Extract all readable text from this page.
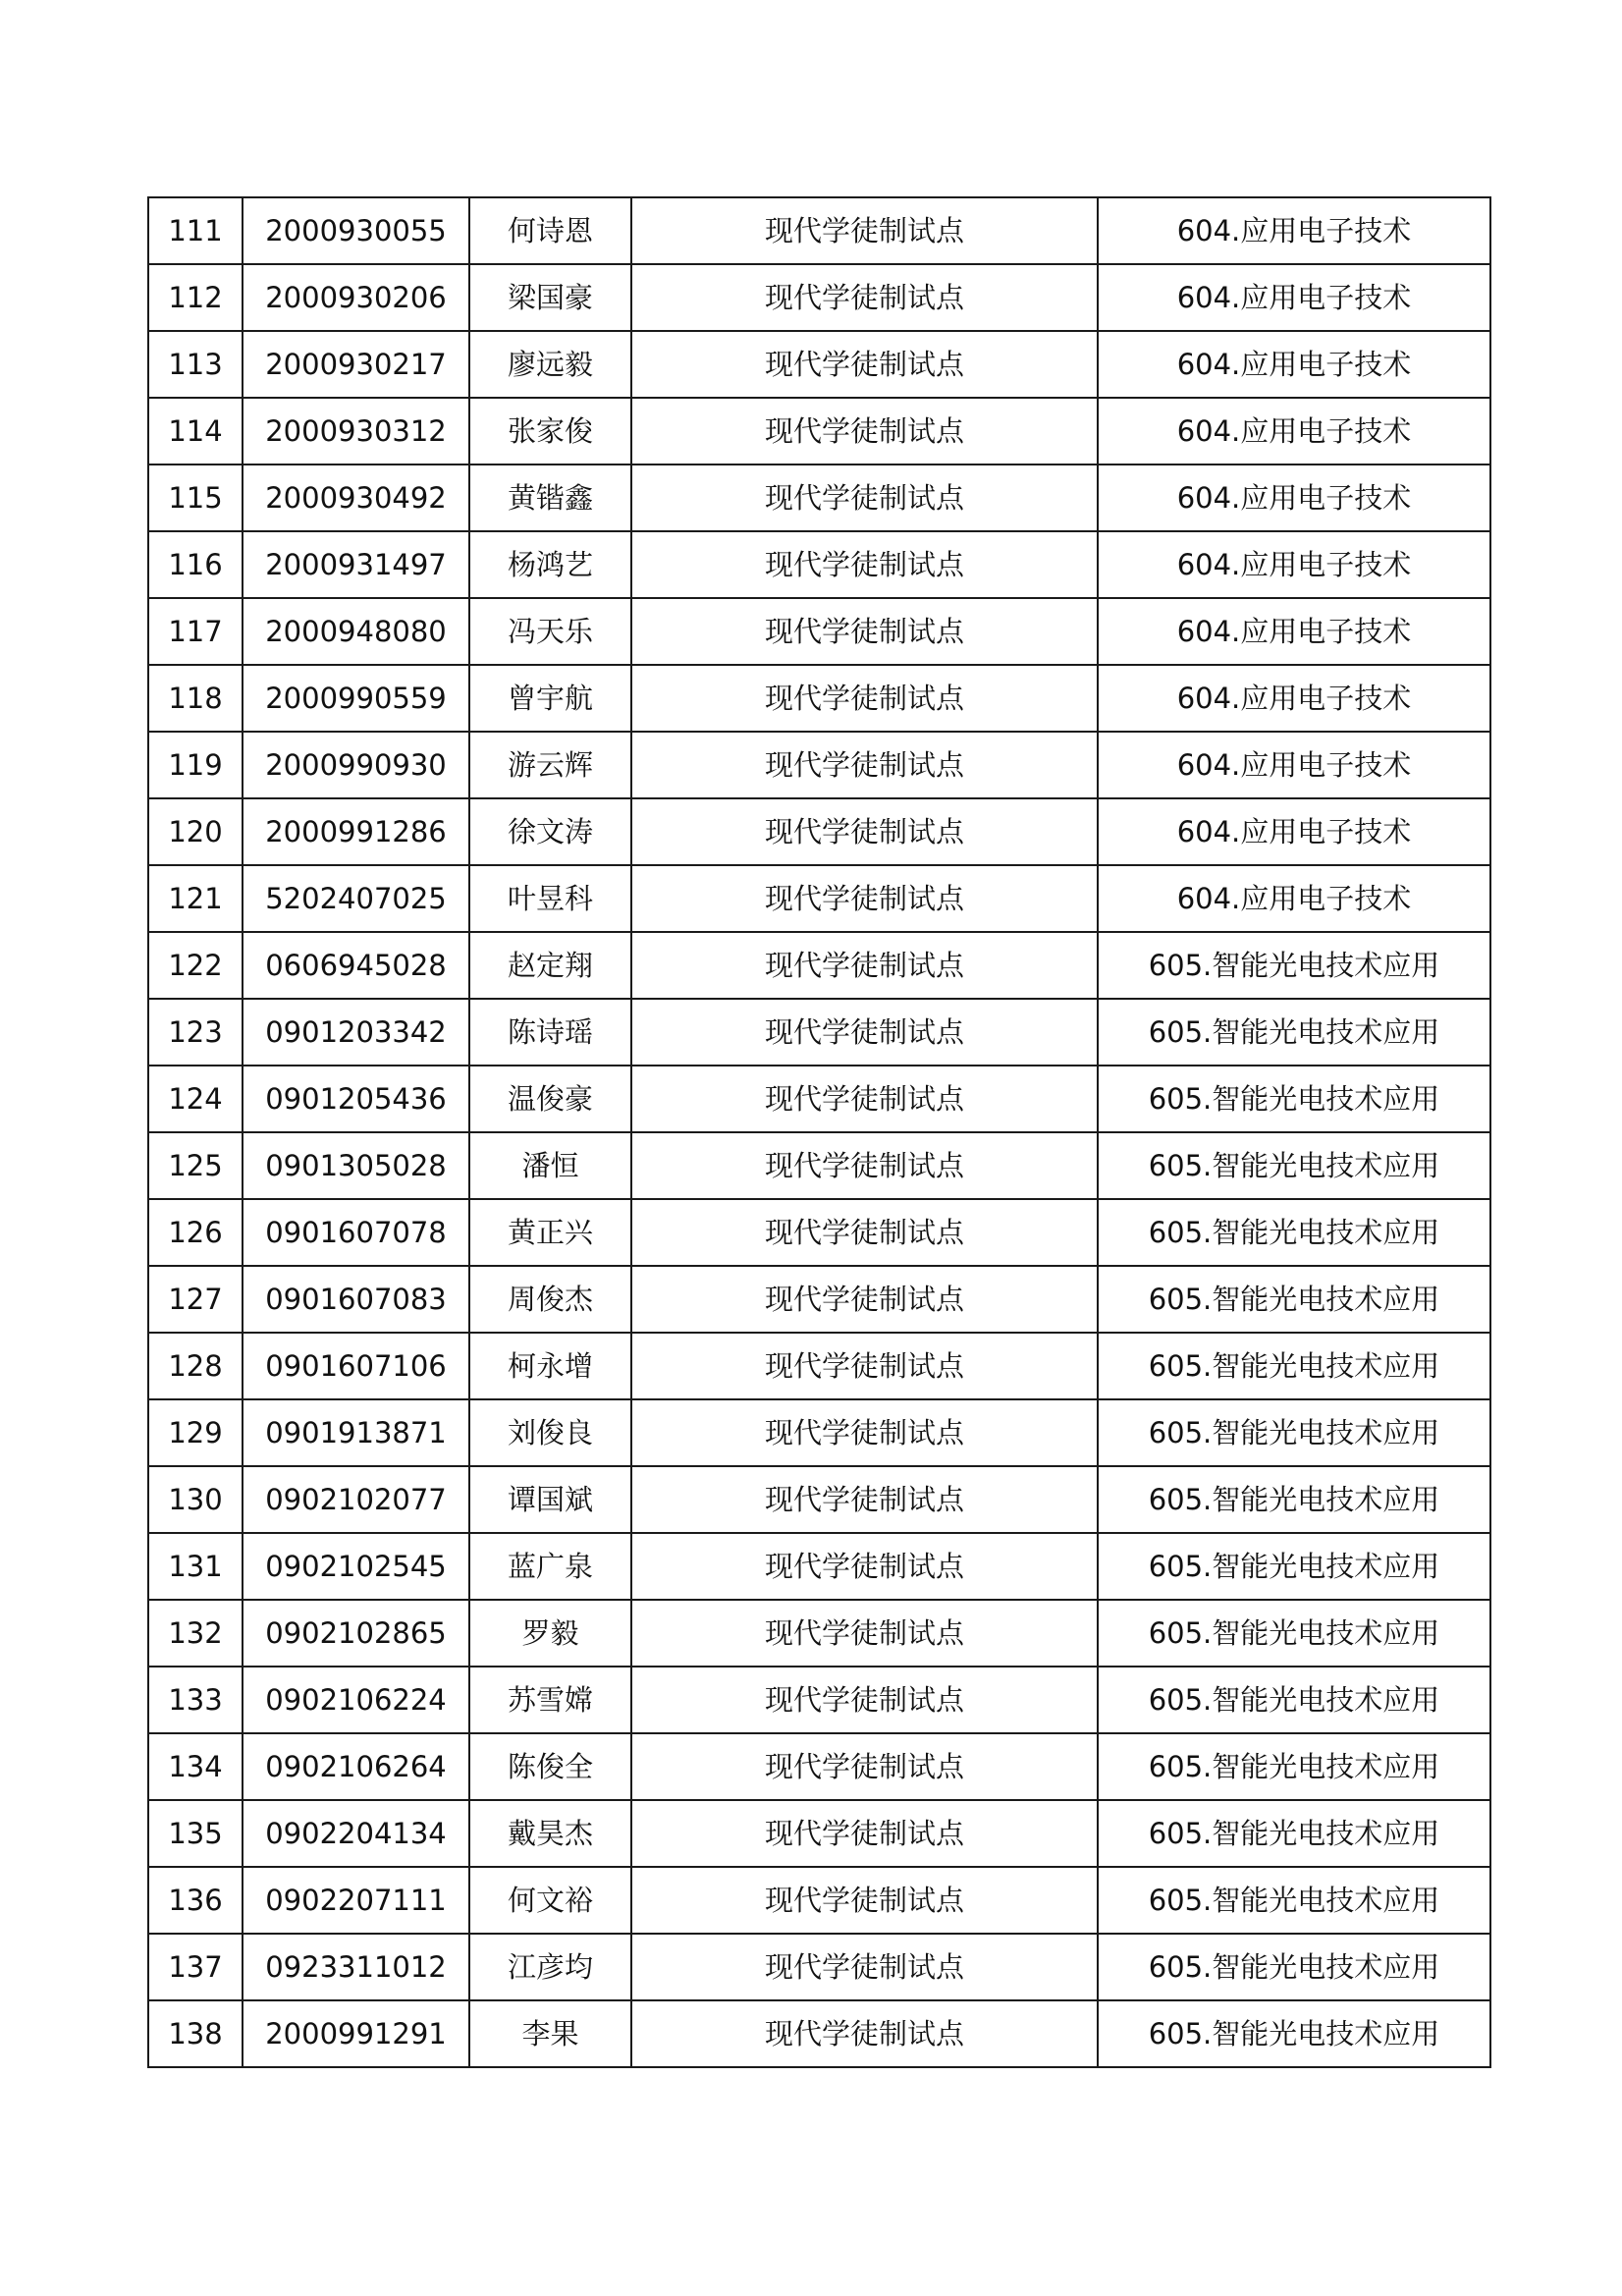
111	2000930055	何诗恩	现代学徒制试点	604.应用电子技术
112	2000930206	梁国豪	现代学徒制试点	604.应用电子技术
113	2000930217	廖远毅	现代学徒制试点	604.应用电子技术
114	2000930312	张家俊	现代学徒制试点	604.应用电子技术
115	2000930492	黄锴鑫	现代学徒制试点	604.应用电子技术
116	2000931497	杨鸿艺	现代学徒制试点	604.应用电子技术
117	2000948080	冯天乐	现代学徒制试点	604.应用电子技术
118	2000990559	曾宇航	现代学徒制试点	604.应用电子技术
119	2000990930	游云辉	现代学徒制试点	604.应用电子技术
120	2000991286	徐文涛	现代学徒制试点	604.应用电子技术
121	5202407025	叶昱科	现代学徒制试点	604.应用电子技术
122	0606945028	赵定翔	现代学徒制试点	605.智能光电技术应用
123	0901203342	陈诗瑶	现代学徒制试点	605.智能光电技术应用
124	0901205436	温俊豪	现代学徒制试点	605.智能光电技术应用
125	0901305028	潘恒	现代学徒制试点	605.智能光电技术应用
126	0901607078	黄正兴	现代学徒制试点	605.智能光电技术应用
127	0901607083	周俊杰	现代学徒制试点	605.智能光电技术应用
128	0901607106	柯永增	现代学徒制试点	605.智能光电技术应用
129	0901913871	刘俊良	现代学徒制试点	605.智能光电技术应用
130	0902102077	谭国斌	现代学徒制试点	605.智能光电技术应用
131	0902102545	蓝广泉	现代学徒制试点	605.智能光电技术应用
132	0902102865	罗毅	现代学徒制试点	605.智能光电技术应用
133	0902106224	苏雪嫦	现代学徒制试点	605.智能光电技术应用
134	0902106264	陈俊全	现代学徒制试点	605.智能光电技术应用
135	0902204134	戴昊杰	现代学徒制试点	605.智能光电技术应用
136	0902207111	何文裕	现代学徒制试点	605.智能光电技术应用
137	0923311012	江彦均	现代学徒制试点	605.智能光电技术应用
138	2000991291	李果	现代学徒制试点	605.智能光电技术应用
